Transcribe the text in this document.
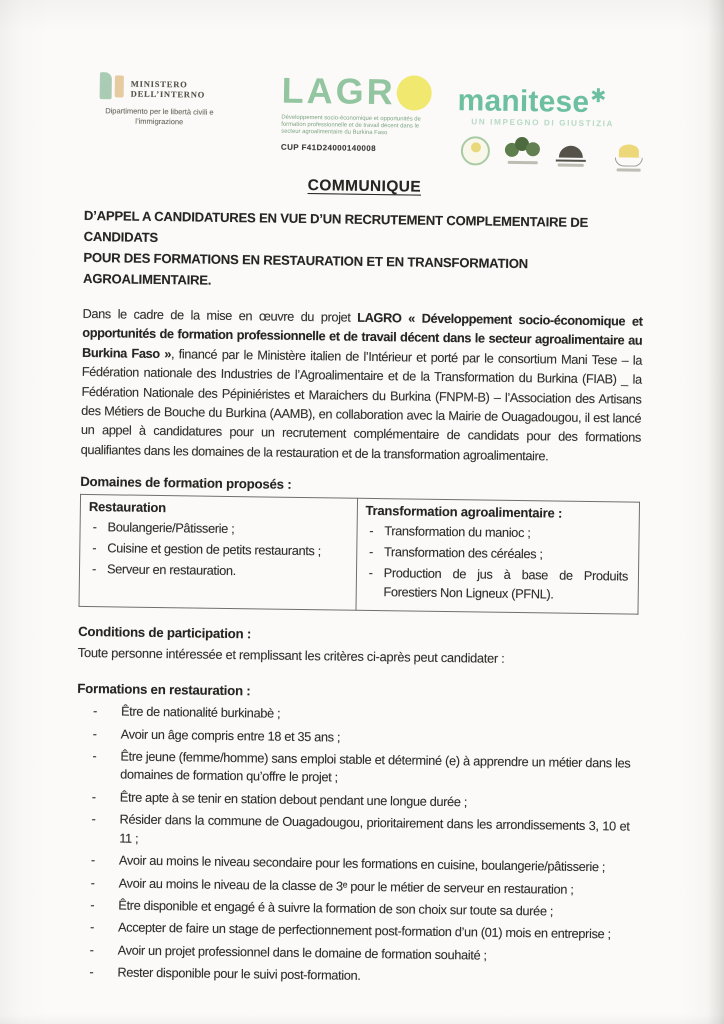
MINISTERO
DELL’INTERNO
Dipartimento per le libertà civili e l’immigrazione
LAGR
Développement socio-économique et opportunités de formation professionnelle et de travail décent dans le secteur agroalimentaire du Burkina Faso
CUP F41D24000140008
manitese✱
UN IMPEGNO DI GIUSTIZIA
COMMUNIQUE
D’APPEL A CANDIDATURES EN VUE D’UN RECRUTEMENT COMPLEMENTAIRE DE CANDIDATS
POUR DES FORMATIONS EN RESTAURATION ET EN TRANSFORMATION AGROALIMENTAIRE.

Dans le cadre de la mise en œuvre du projet LAGRO « Développement socio-économique et opportunités de formation professionnelle et de travail décent dans le secteur agroalimentaire au Burkina Faso », financé par le Ministère italien de l’Intérieur et porté par le consortium Mani Tese – la Fédération nationale des Industries de l’Agroalimentaire et de la Transformation du Burkina (FIAB) _ la Fédération Nationale des Pépiniéristes et Maraichers du Burkina (FNPM-B) – l’Association des Artisans des Métiers de Bouche du Burkina (AAMB), en collaboration avec la Mairie de Ouagadougou, il est lancé un appel à candidatures pour un recrutement complémentaire de candidats pour des formations qualifiantes dans les domaines de la restauration et de la transformation agroalimentaire.

Domaines de formation proposés :
Restauration
- Boulangerie/Pâtisserie ;
- Cuisine et gestion de petits restaurants ;
- Serveur en restauration.

Transformation agroalimentaire :
- Transformation du manioc ;
- Transformation des céréales ;
- Production de jus à base de Produits Forestiers Non Ligneux (PFNL).
Conditions de participation :

Toute personne intéressée et remplissant les critères ci-après peut candidater :

Formations en restauration :
-	Être de nationalité burkinabè ;
-	Avoir un âge compris entre 18 et 35 ans ;
-	Être jeune (femme/homme) sans emploi stable et déterminé (e) à apprendre un métier dans les domaines de formation qu’offre le projet ;
-	Être apte à se tenir en station debout pendant une longue durée ;
-	Résider dans la commune de Ouagadougou, prioritairement dans les arrondissements 3, 10 et 11 ;
-	Avoir au moins le niveau secondaire pour les formations en cuisine, boulangerie/pâtisserie ;
-	Avoir au moins le niveau de la classe de 3ᵉ pour le métier de serveur en restauration ;
-	Être disponible et engagé é à suivre la formation de son choix sur toute sa durée ;
-	Accepter de faire un stage de perfectionnement post-formation d’un (01) mois en entreprise ;
-	Avoir un projet professionnel dans le domaine de formation souhaité ;
-	Rester disponible pour le suivi post-formation.
